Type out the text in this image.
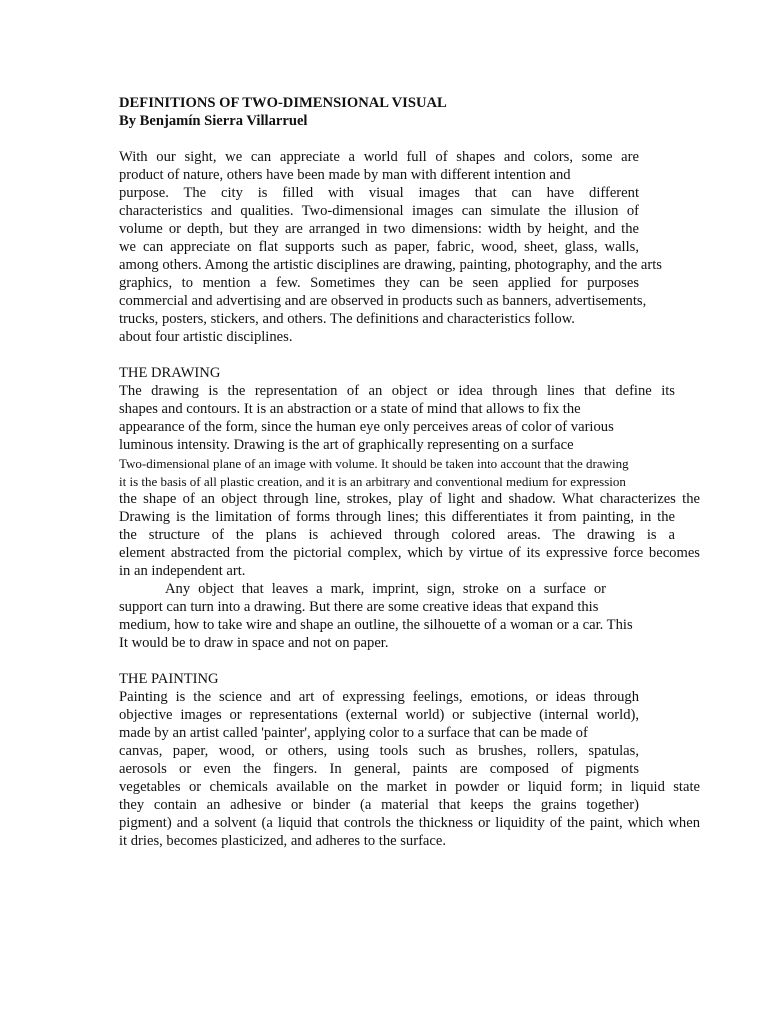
DEFINITIONS OF TWO-DIMENSIONAL VISUAL

By Benjamín Sierra Villarruel

With our sight, we can appreciate a world full of shapes and colors, some are

product of nature, others have been made by man with different intention and

purpose. The city is filled with visual images that can have different

characteristics and qualities. Two-dimensional images can simulate the illusion of

volume or depth, but they are arranged in two dimensions: width by height, and the

we can appreciate on flat supports such as paper, fabric, wood, sheet, glass, walls,

among others. Among the artistic disciplines are drawing, painting, photography, and the arts

graphics, to mention a few. Sometimes they can be seen applied for purposes

commercial and advertising and are observed in products such as banners, advertisements,

trucks, posters, stickers, and others. The definitions and characteristics follow.

about four artistic disciplines.

THE DRAWING

The drawing is the representation of an object or idea through lines that define its

shapes and contours. It is an abstraction or a state of mind that allows to fix the

appearance of the form, since the human eye only perceives areas of color of various

luminous intensity. Drawing is the art of graphically representing on a surface

Two-dimensional plane of an image with volume. It should be taken into account that the drawing

it is the basis of all plastic creation, and it is an arbitrary and conventional medium for expression

the shape of an object through line, strokes, play of light and shadow. What characterizes the

Drawing is the limitation of forms through lines; this differentiates it from painting, in the

the structure of the plans is achieved through colored areas. The drawing is a

element abstracted from the pictorial complex, which by virtue of its expressive force becomes

in an independent art.

Any object that leaves a mark, imprint, sign, stroke on a surface or

support can turn into a drawing. But there are some creative ideas that expand this

medium, how to take wire and shape an outline, the silhouette of a woman or a car. This

It would be to draw in space and not on paper.

THE PAINTING

Painting is the science and art of expressing feelings, emotions, or ideas through

objective images or representations (external world) or subjective (internal world),

made by an artist called 'painter', applying color to a surface that can be made of

canvas, paper, wood, or others, using tools such as brushes, rollers, spatulas,

aerosols or even the fingers. In general, paints are composed of pigments

vegetables or chemicals available on the market in powder or liquid form; in liquid state

they contain an adhesive or binder (a material that keeps the grains together)

pigment) and a solvent (a liquid that controls the thickness or liquidity of the paint, which when

it dries, becomes plasticized, and adheres to the surface.
